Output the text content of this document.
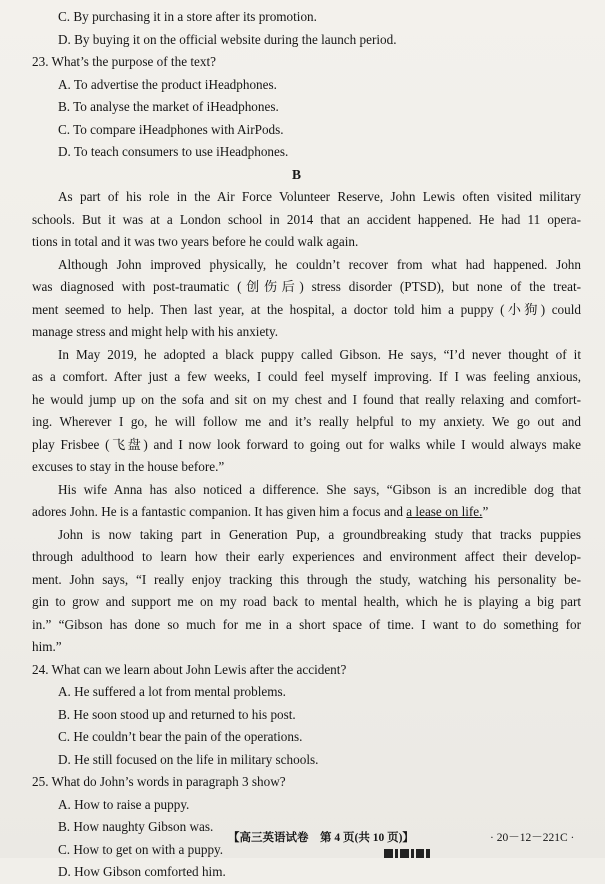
C. By purchasing it in a store after its promotion.
D. By buying it on the official website during the launch period.
23. What’s the purpose of the text?
A. To advertise the product iHeadphones.
B. To analyse the market of iHeadphones.
C. To compare iHeadphones with AirPods.
D. To teach consumers to use iHeadphones.
B
As part of his role in the Air Force Volunteer Reserve, John Lewis often visited military
schools. But it was at a London school in 2014 that an accident happened. He had 11 opera-
tions in total and it was two years before he could walk again.
Although John improved physically, he couldn’t recover from what had happened. John
was diagnosed with post-traumatic (创伤后) stress disorder (PTSD), but none of the treat-
ment seemed to help. Then last year, at the hospital, a doctor told him a puppy (小狗) could
manage stress and might help with his anxiety.
In May 2019, he adopted a black puppy called Gibson. He says, “I’d never thought of it
as a comfort. After just a few weeks, I could feel myself improving. If I was feeling anxious,
he would jump up on the sofa and sit on my chest and I found that really relaxing and comfort-
ing. Wherever I go, he will follow me and it’s really helpful to my anxiety. We go out and
play Frisbee (飞盘) and I now look forward to going out for walks while I would always make
excuses to stay in the house before.”
His wife Anna has also noticed a difference. She says, “Gibson is an incredible dog that
adores John. He is a fantastic companion. It has given him a focus and a lease on life.”
John is now taking part in Generation Pup, a groundbreaking study that tracks puppies
through adulthood to learn how their early experiences and environment affect their develop-
ment. John says, “I really enjoy tracking this through the study, watching his personality be-
gin to grow and support me on my road back to mental health, which he is playing a big part
in.” “Gibson has done so much for me in a short space of time. I want to do something for
him.”
24. What can we learn about John Lewis after the accident?
A. He suffered a lot from mental problems.
B. He soon stood up and returned to his post.
C. He couldn’t bear the pain of the operations.
D. He still focused on the life in military schools.
25. What do John’s words in paragraph 3 show?
A. How to raise a puppy.
B. How naughty Gibson was.
C. How to get on with a puppy.
D. How Gibson comforted him.
【高三英语试卷　第 4 页(共 10 页)】	· 20－12－221C ·
